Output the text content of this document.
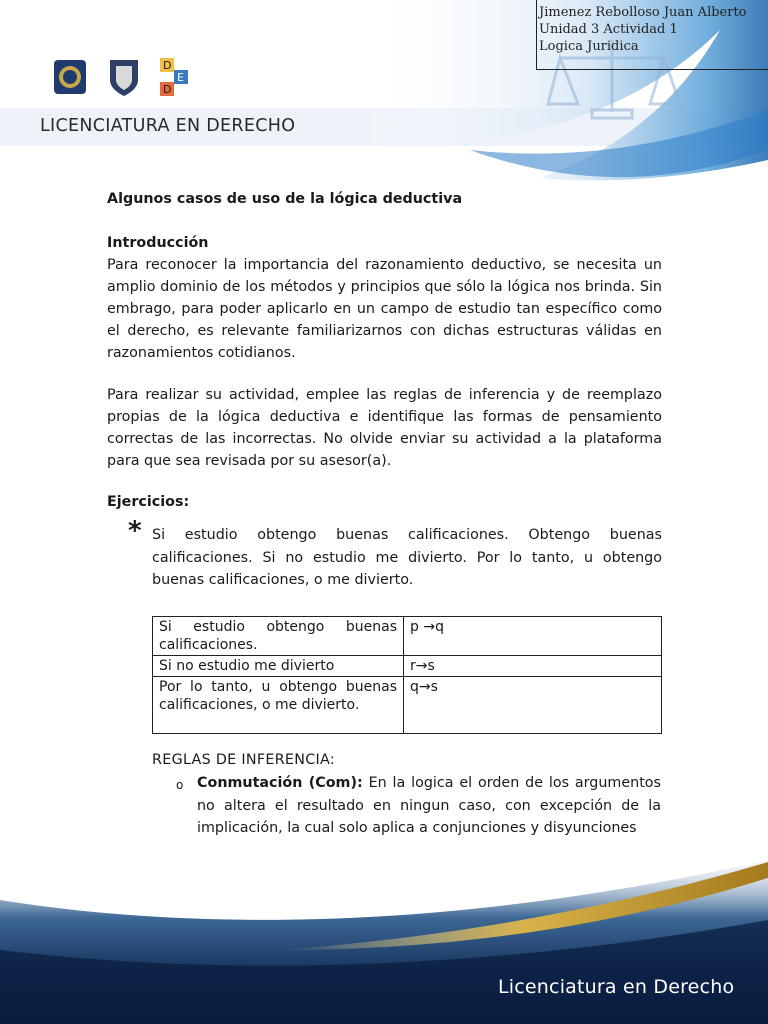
Jimenez Rebolloso Juan Alberto
Unidad 3 Actividad 1
Logica Juridica
D
E
D
LICENCIATURA EN DERECHO
Algunos casos de uso de la lógica deductiva
Introducción
Para reconocer la importancia del razonamiento deductivo, se necesita un amplio dominio de los métodos y principios que sólo la lógica nos brinda. Sin embrago, para poder aplicarlo en un campo de estudio tan específico como el derecho, es relevante familiarizarnos con dichas estructuras válidas en razonamientos cotidianos.
Para realizar su actividad, emplee las reglas de inferencia y de reemplazo propias de la lógica deductiva e identifique las formas de pensamiento correctas de las incorrectas. No olvide enviar su actividad a la plataforma para que sea revisada por su asesor(a).
Ejercicios:
* Si estudio obtengo buenas calificaciones. Obtengo buenas calificaciones. Si no estudio me divierto. Por lo tanto, u obtengo buenas calificaciones, o me divierto.
Si estudio obtengo buenas calificaciones.	p →q
Si no estudio me divierto	r→s
Por lo tanto, u obtengo buenas calificaciones, o me divierto.	q→s
REGLAS DE INFERENCIA:
o Conmutación (Com): En la logica el orden de los argumentos no altera el resultado en ningun caso, con excepción de la implicación, la cual solo aplica a conjunciones y disyunciones
Licenciatura en Derecho
